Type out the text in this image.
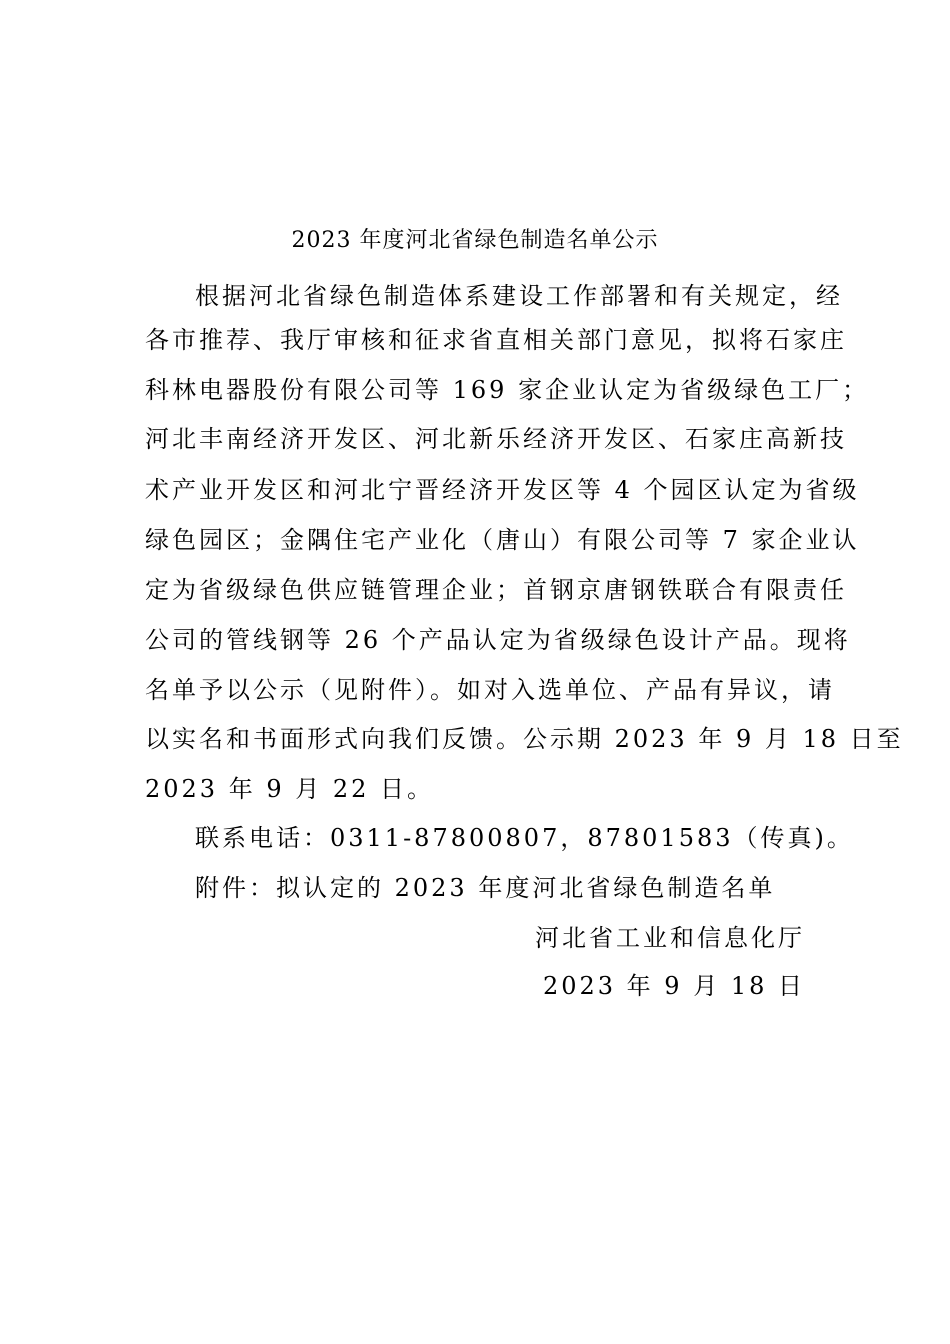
2023 年度河北省绿色制造名单公示
根据河北省绿色制造体系建设工作部署和有关规定，经
各市推荐、我厅审核和征求省直相关部门意见，拟将石家庄
科林电器股份有限公司等 169 家企业认定为省级绿色工厂；
河北丰南经济开发区、河北新乐经济开发区、石家庄高新技
术产业开发区和河北宁晋经济开发区等 4 个园区认定为省级
绿色园区；金隅住宅产业化（唐山）有限公司等 7 家企业认
定为省级绿色供应链管理企业；首钢京唐钢铁联合有限责任
公司的管线钢等 26 个产品认定为省级绿色设计产品。现将
名单予以公示（见附件）。如对入选单位、产品有异议，请
以实名和书面形式向我们反馈。公示期 2023 年 9 月 18 日至
2023 年 9 月 22 日。
联系电话：0311-87800807，87801583（传真)。
附件：拟认定的 2023 年度河北省绿色制造名单
河北省工业和信息化厅
2023 年 9 月 18 日
